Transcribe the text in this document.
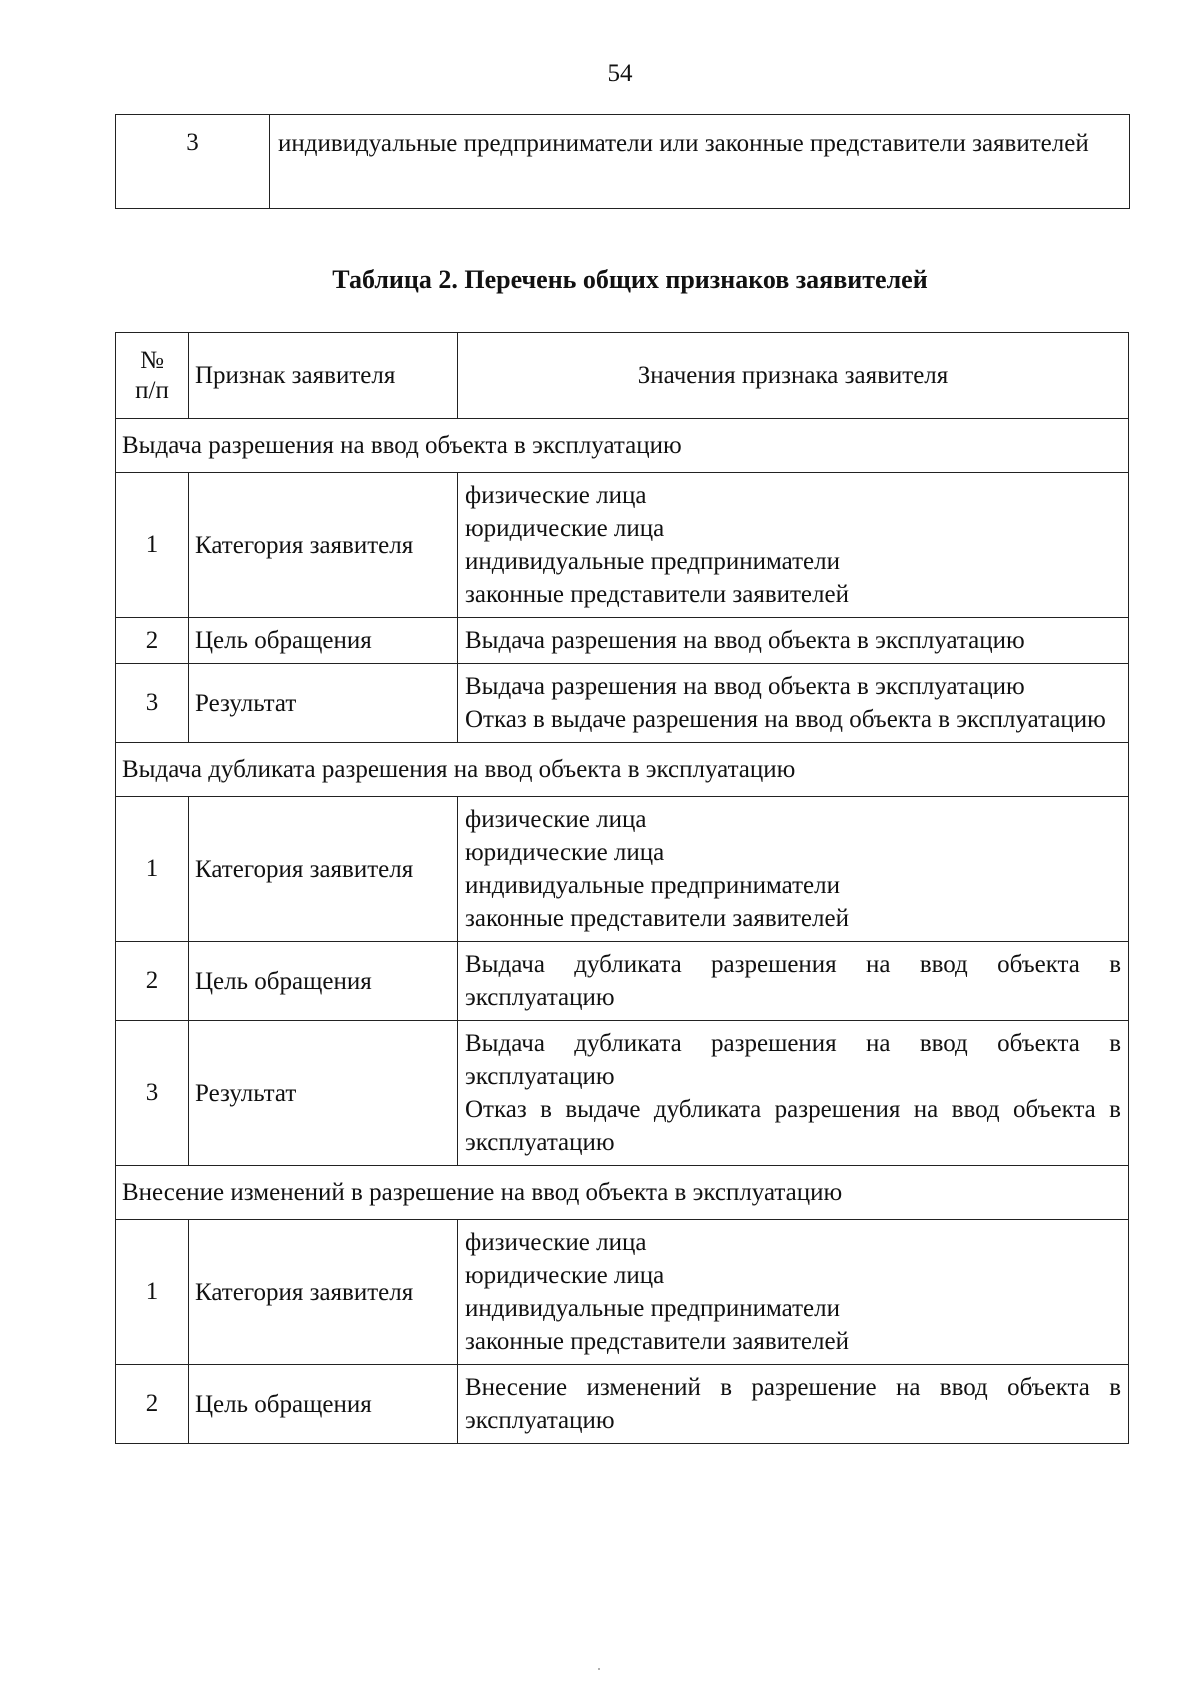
54
3	индивидуальные предприниматели или законные представители заявителей
Таблица 2. Перечень общих признаков заявителей
№
п/п	Признак заявителя	Значения признака заявителя
Выдача разрешения на ввод объекта в эксплуатацию		
1	Категория заявителя	физические лица
юридические лица
индивидуальные предприниматели
законные представители заявителей

2	Цель обращения	Выдача разрешения на ввод объекта в эксплуатацию

3	Результат	Выдача разрешения на ввод объекта в эксплуатацию
Отказ в выдаче разрешения на ввод объекта в эксплуатацию

Выдача дубликата разрешения на ввод объекта в эксплуатацию		
1	Категория заявителя	физические лица
юридические лица
индивидуальные предприниматели
законные представители заявителей

2	Цель обращения	Выдача дубликата разрешения на ввод объекта в эксплуатацию

3	Результат	Выдача дубликата разрешения на ввод объекта в эксплуатацию
Отказ в выдаче дубликата разрешения на ввод объекта в эксплуатацию

Внесение изменений в разрешение на ввод объекта в эксплуатацию		
1	Категория заявителя	физические лица
юридические лица
индивидуальные предприниматели
законные представители заявителей

2	Цель обращения	Внесение изменений в разрешение на ввод объекта в эксплуатацию
